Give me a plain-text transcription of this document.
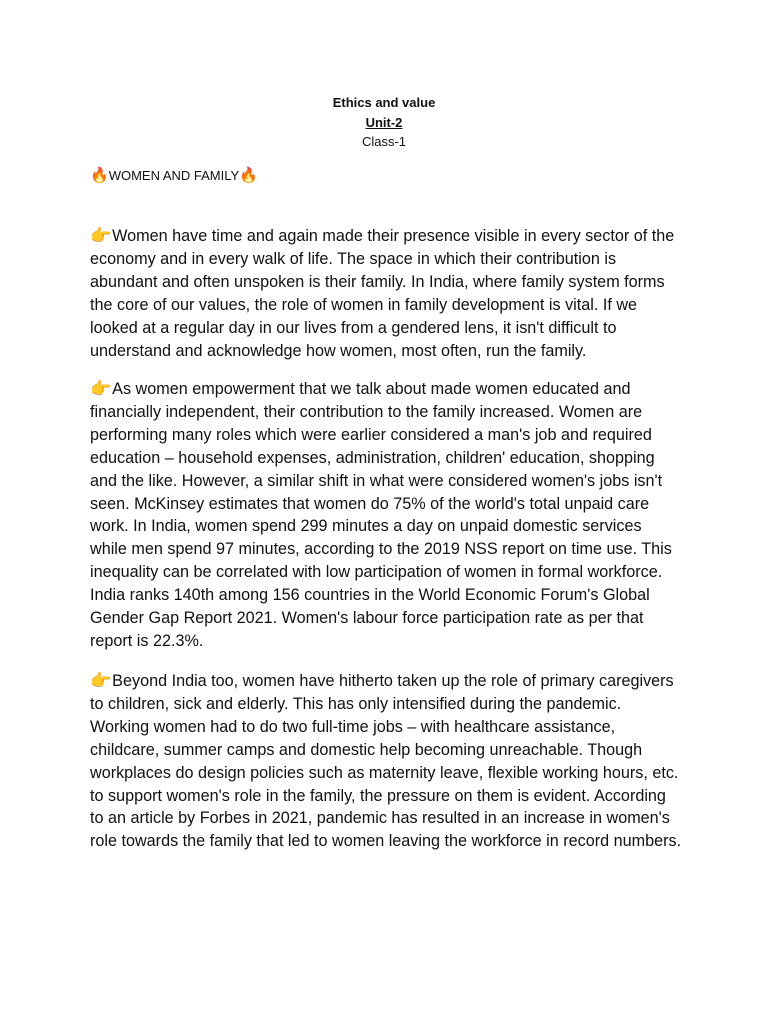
Ethics and value
Unit-2
Class-1
🔥 WOMEN AND FAMILY 🔥

👉Women have time and again made their presence visible in every sector of the economy and in every walk of life. The space in which their contribution is abundant and often unspoken is their family. In India, where family system forms the core of our values, the role of women in family development is vital. If we looked at a regular day in our lives from a gendered lens, it isn't difficult to understand and acknowledge how women, most often, run the family.

👉As women empowerment that we talk about made women educated and financially independent, their contribution to the family increased. Women are performing many roles which were earlier considered a man's job and required education – household expenses, administration, children' education, shopping and the like. However, a similar shift in what were considered women's jobs isn't seen. McKinsey estimates that women do 75% of the world's total unpaid care work. In India, women spend 299 minutes a day on unpaid domestic services while men spend 97 minutes, according to the 2019 NSS report on time use. This inequality can be correlated with low participation of women in formal workforce. India ranks 140th among 156 countries in the World Economic Forum's Global Gender Gap Report 2021. Women's labour force participation rate as per that report is 22.3%.

👉Beyond India too, women have hitherto taken up the role of primary caregivers to children, sick and elderly. This has only intensified during the pandemic. Working women had to do two full-time jobs – with healthcare assistance, childcare, summer camps and domestic help becoming unreachable. Though workplaces do design policies such as maternity leave, flexible working hours, etc. to support women's role in the family, the pressure on them is evident. According to an article by Forbes in 2021, pandemic has resulted in an increase in women's role towards the family that led to women leaving the workforce in record numbers.
